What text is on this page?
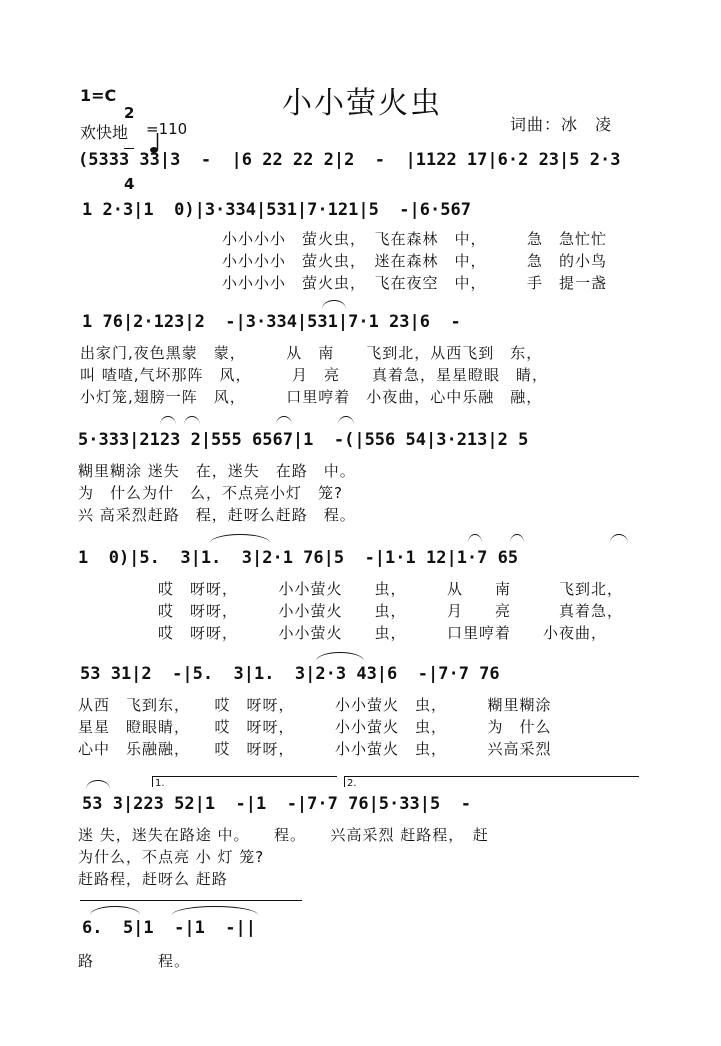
1=C

2

4

小小萤火虫
欢快地

=110	词曲：冰　凌
(5333 33|3  -  |6 22 22 2|2  -  |1122 17|6·2 23|5 2·3
1 2·3|1  0)|3·334|531|7·121|5  -|6·567
小小小小　萤火虫，　飞在森林　中，　　　急　急忙忙
小小小小　萤火虫，　迷在森林　中，　　　急　的小鸟
小小小小　萤火虫，　飞在夜空　中，　　　手　提一盏
1 76|2·123|2  -|3·334|531|7·1 23|6  -
出家门,夜色黑蒙　蒙，　　　从　南　　飞到北，从西飞到　东，
叫 喳喳,气坏那阵　风，　　　月　亮　　真着急，星星瞪眼　睛，
小灯笼,翅膀一阵　风，　　　口里哼着　小夜曲，心中乐融　融，
5·333|2123 2|555 6567|1  -(|556 54|3·213|2 5
糊里糊涂 迷失　在，迷失　在路　中。
为　什么为什　么，不点亮小灯　笼?
兴 高采烈赶路　程，赶呀么赶路　程。
1  0)|5.  3|1.  3|2·1 76|5  -|1·1 12|1·7 65
　　　　　哎　呀呀，　　　小小萤火　　虫，　　　从　　南　　　飞到北，
　　　　　哎　呀呀，　　　小小萤火　　虫，　　　月　　亮　　　真着急，
　　　　　哎　呀呀，　　　小小萤火　　虫，　　　口里哼着　　小夜曲，
53 31|2  -|5.  3|1.  3|2·3 43|6  -|7·7 76
从西　飞到东，　　哎　呀呀，　　　小小萤火　虫，　　　糊里糊涂
星星　瞪眼睛，　　哎　呀呀，　　　小小萤火　虫，　　　为　什么
心中　乐融融，　　哎　呀呀，　　　小小萤火　虫，　　　兴高采烈
1.	2.
53 3|223 52|1  -|1  -|7·7 76|5·33|5  -
迷 失，迷失在路途 中。　　程。　　兴高采烈 赶路程，　赶
为什么，不点亮 小 灯 笼?
赶路程，赶呀么 赶路
6.  5|1  -|1  -||
路　　　　程。
